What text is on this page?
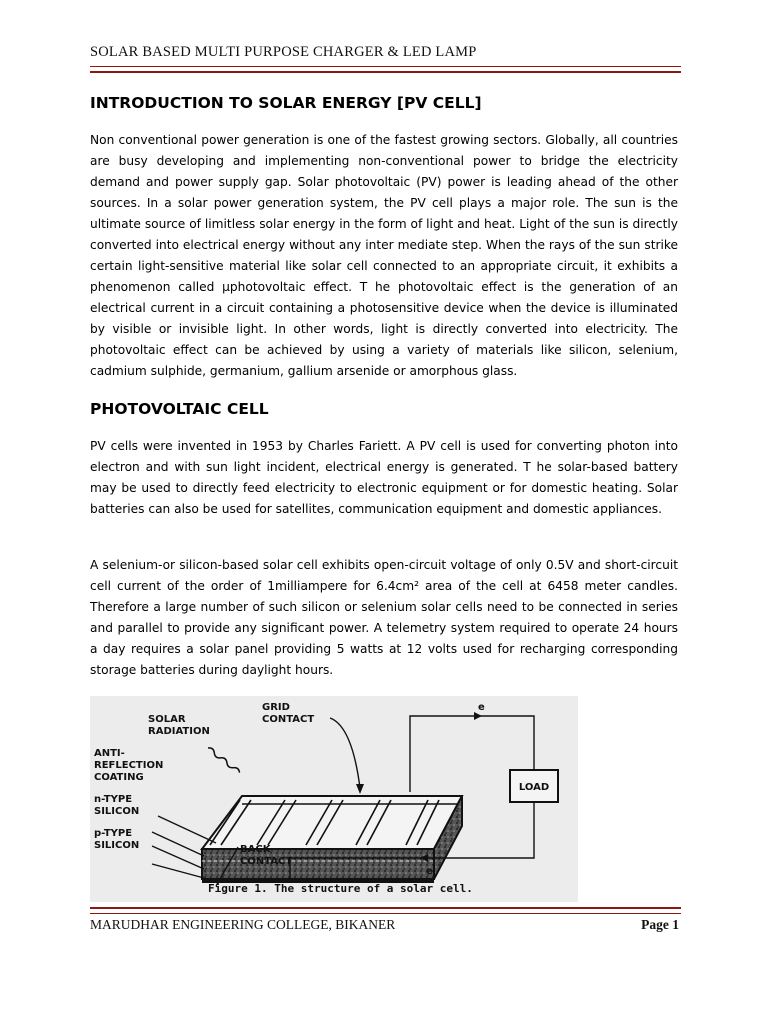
SOLAR BASED MULTI PURPOSE CHARGER & LED LAMP
INTRODUCTION TO SOLAR ENERGY [PV CELL]

Non conventional power generation is one of the fastest growing sectors. Globally, all countries are busy developing and implementing non-conventional power to bridge the electricity demand and power supply gap. Solar photovoltaic (PV) power is leading ahead of the other sources. In a solar power generation system, the PV cell plays a major role. The sun is the ultimate source of limitless solar energy in the form of light and heat. Light of the sun is directly converted into electrical energy without any inter mediate step. When the rays of the sun strike certain light-sensitive material like solar cell connected to an appropriate circuit, it exhibits a phenomenon called µphotovoltaic effect. T he photovoltaic effect is the generation of an electrical current in a circuit containing a photosensitive device when the device is illuminated by visible or invisible light. In other words, light is directly converted into electricity. The photovoltaic effect can be achieved by using a variety of materials like silicon, selenium, cadmium sulphide, germanium, gallium arsenide or amorphous glass.

PHOTOVOLTAIC CELL

PV cells were invented in 1953 by Charles Fariett. A PV cell is used for converting photon into electron and with sun light incident, electrical energy is generated. T he solar-based battery may be used to directly feed electricity to electronic equipment or for domestic heating. Solar batteries can also be used for satellites, communication equipment and domestic appliances.

A selenium-or silicon-based solar cell exhibits open-circuit voltage of only 0.5V and short-circuit cell current of the order of 1milliampere for 6.4cm² area of the cell at 6458 meter candles. Therefore a large number of such silicon or selenium solar cells need to be connected in series and parallel to provide any significant power. A telemetry system required to operate 24 hours a day requires a solar panel providing 5 watts at 12 volts used for recharging corresponding storage batteries during daylight hours.

LOAD
GRID
CONTACT
SOLAR
RADIATION
ANTI-
REFLECTION
COATING
n-TYPE
SILICON
p-TYPE
SILICON	BACK
CONTACT
e
e
Figure 1. The structure of a solar cell.
MARUDHAR ENGINEERING COLLEGE, BIKANER	Page 1
